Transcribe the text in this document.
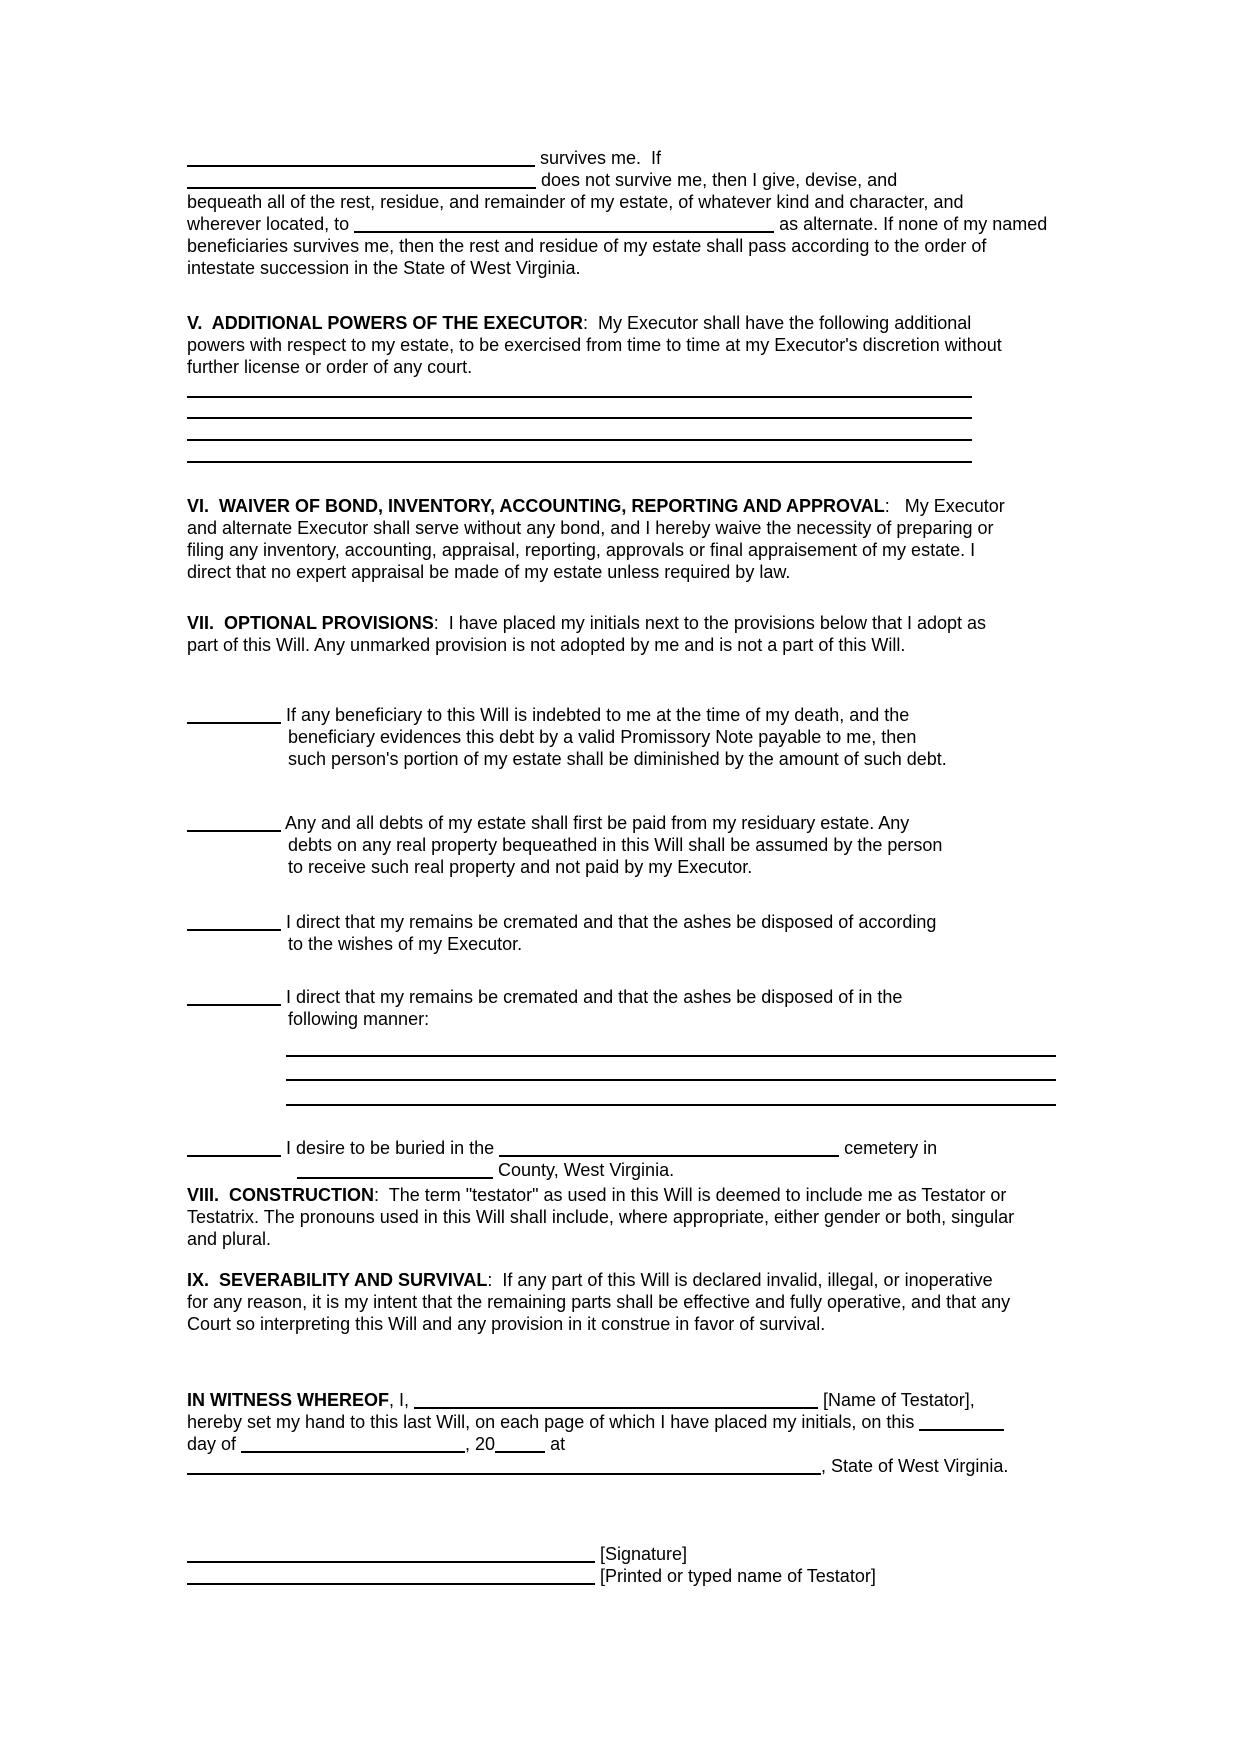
survives me.  If
does not survive me, then I give, devise, and
bequeath all of the rest, residue, and remainder of my estate, of whatever kind and character, and
wherever located, to	as alternate. If none of my named
beneficiaries survives me, then the rest and residue of my estate shall pass according to the order of
intestate succession in the State of West Virginia.
V.  ADDITIONAL POWERS OF THE EXECUTOR:  My Executor shall have the following additional
powers with respect to my estate, to be exercised from time to time at my Executor's discretion without
further license or order of any court.
VI.  WAIVER OF BOND, INVENTORY, ACCOUNTING, REPORTING AND APPROVAL:   My Executor
and alternate Executor shall serve without any bond, and I hereby waive the necessity of preparing or
filing any inventory, accounting, appraisal, reporting, approvals or final appraisement of my estate. I
direct that no expert appraisal be made of my estate unless required by law.
VII.  OPTIONAL PROVISIONS:  I have placed my initials next to the provisions below that I adopt as
part of this Will. Any unmarked provision is not adopted by me and is not a part of this Will.
If any beneficiary to this Will is indebted to me at the time of my death, and the
beneficiary evidences this debt by a valid Promissory Note payable to me, then
such person's portion of my estate shall be diminished by the amount of such debt.
Any and all debts of my estate shall first be paid from my residuary estate. Any
debts on any real property bequeathed in this Will shall be assumed by the person
to receive such real property and not paid by my Executor.
I direct that my remains be cremated and that the ashes be disposed of according
to the wishes of my Executor.
I direct that my remains be cremated and that the ashes be disposed of in the
following manner:
I desire to be buried in the	cemetery in
County, West Virginia.
VIII.  CONSTRUCTION:  The term "testator" as used in this Will is deemed to include me as Testator or
Testatrix. The pronouns used in this Will shall include, where appropriate, either gender or both, singular
and plural.
IX.  SEVERABILITY AND SURVIVAL:  If any part of this Will is declared invalid, illegal, or inoperative
for any reason, it is my intent that the remaining parts shall be effective and fully operative, and that any
Court so interpreting this Will and any provision in it construe in favor of survival.
IN WITNESS WHEREOF, I,	[Name of Testator],
hereby set my hand to this last Will, on each page of which I have placed my initials, on this
day of	, 20	at
, State of West Virginia.
[Signature]
[Printed or typed name of Testator]
